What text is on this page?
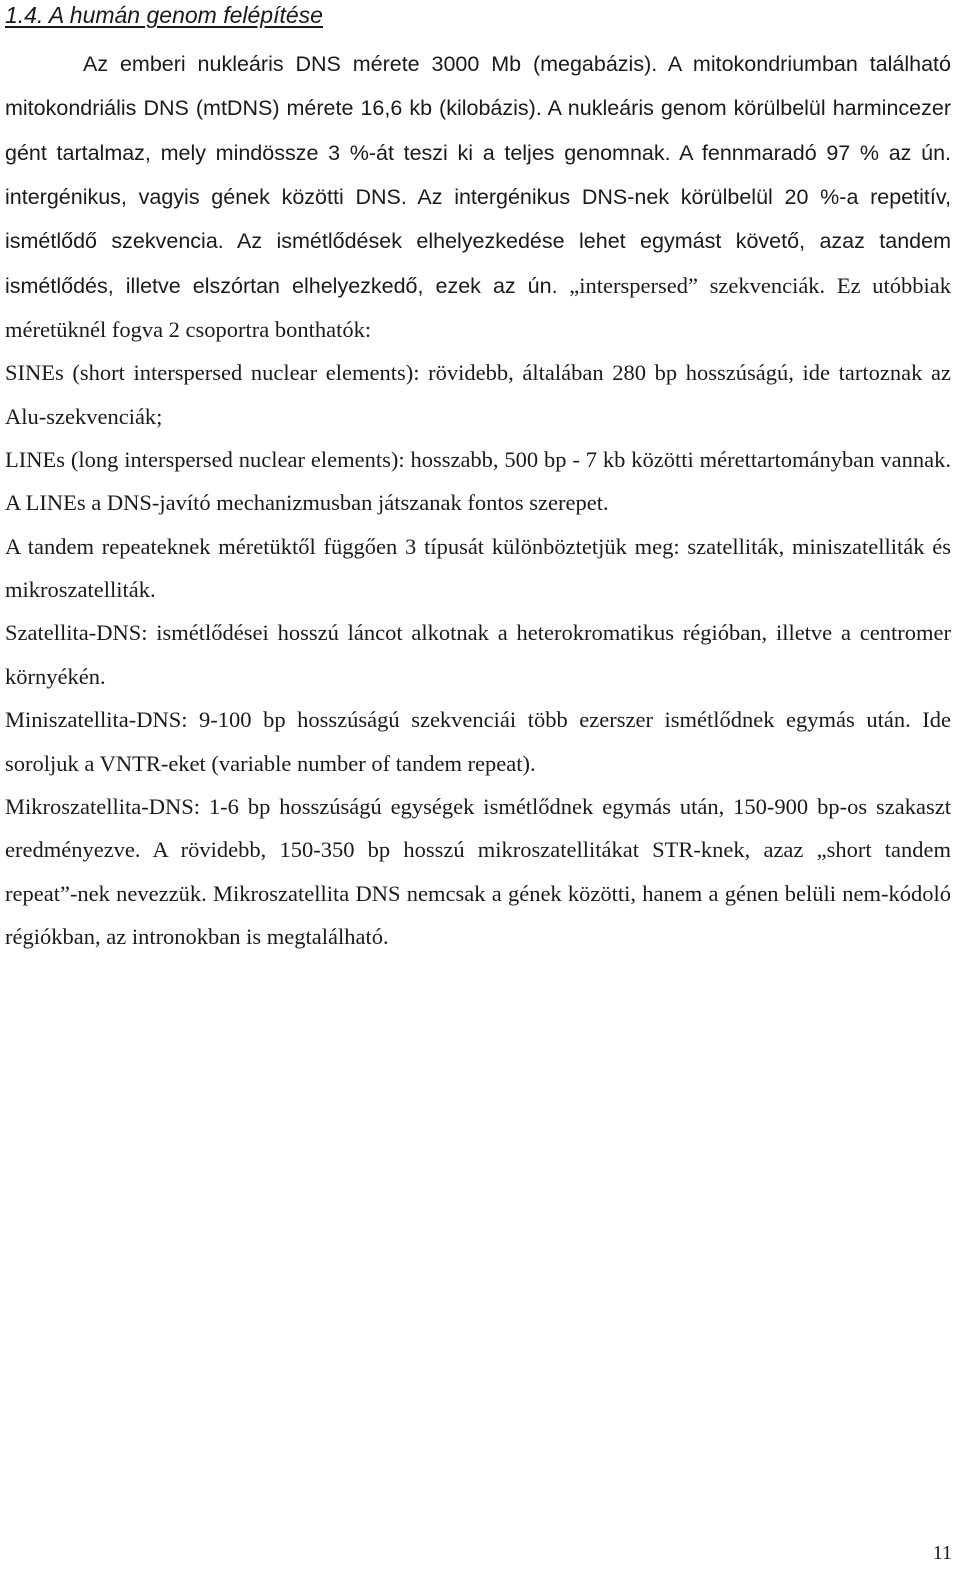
1.4. A humán genom felépítése

Az emberi nukleáris DNS mérete 3000 Mb (megabázis). A mitokondriumban található mitokondriális DNS (mtDNS) mérete 16,6 kb (kilobázis). A nukleáris genom körülbelül harmincezer gént tartalmaz, mely mindössze 3 %-át teszi ki a teljes genomnak. A fennmaradó 97 % az ún. intergénikus, vagyis gének közötti DNS. Az intergénikus DNS-nek körülbelül 20 %-a repetitív, ismétlődő szekvencia. Az ismétlődések elhelyezkedése lehet egymást követő, azaz tandem ismétlődés, illetve elszórtan elhelyezkedő, ezek az ún. „interspersed” szekvenciák. Ez utóbbiak méretüknél fogva 2 csoportra bonthatók:

SINEs (short interspersed nuclear elements): rövidebb, általában 280 bp hosszúságú, ide tartoznak az Alu-szekvenciák;

LINEs (long interspersed nuclear elements): hosszabb, 500 bp - 7 kb közötti mérettartományban vannak. A LINEs a DNS-javító mechanizmusban játszanak fontos szerepet.

A tandem repeateknek méretüktől függően 3 típusát különböztetjük meg: szatelliták, miniszatelliták és mikroszatelliták.

Szatellita-DNS: ismétlődései hosszú láncot alkotnak a heterokromatikus régióban, illetve a centromer környékén.

Miniszatellita-DNS: 9-100 bp hosszúságú szekvenciái több ezerszer ismétlődnek egymás után. Ide soroljuk a VNTR-eket (variable number of tandem repeat).

Mikroszatellita-DNS: 1-6 bp hosszúságú egységek ismétlődnek egymás után, 150-900 bp-os szakaszt eredményezve. A rövidebb, 150-350 bp hosszú mikroszatellitákat STR-knek, azaz „short tandem repeat”-nek nevezzük. Mikroszatellita DNS nemcsak a gének közötti, hanem a génen belüli nem-kódoló régiókban, az intronokban is megtalálható.

11
